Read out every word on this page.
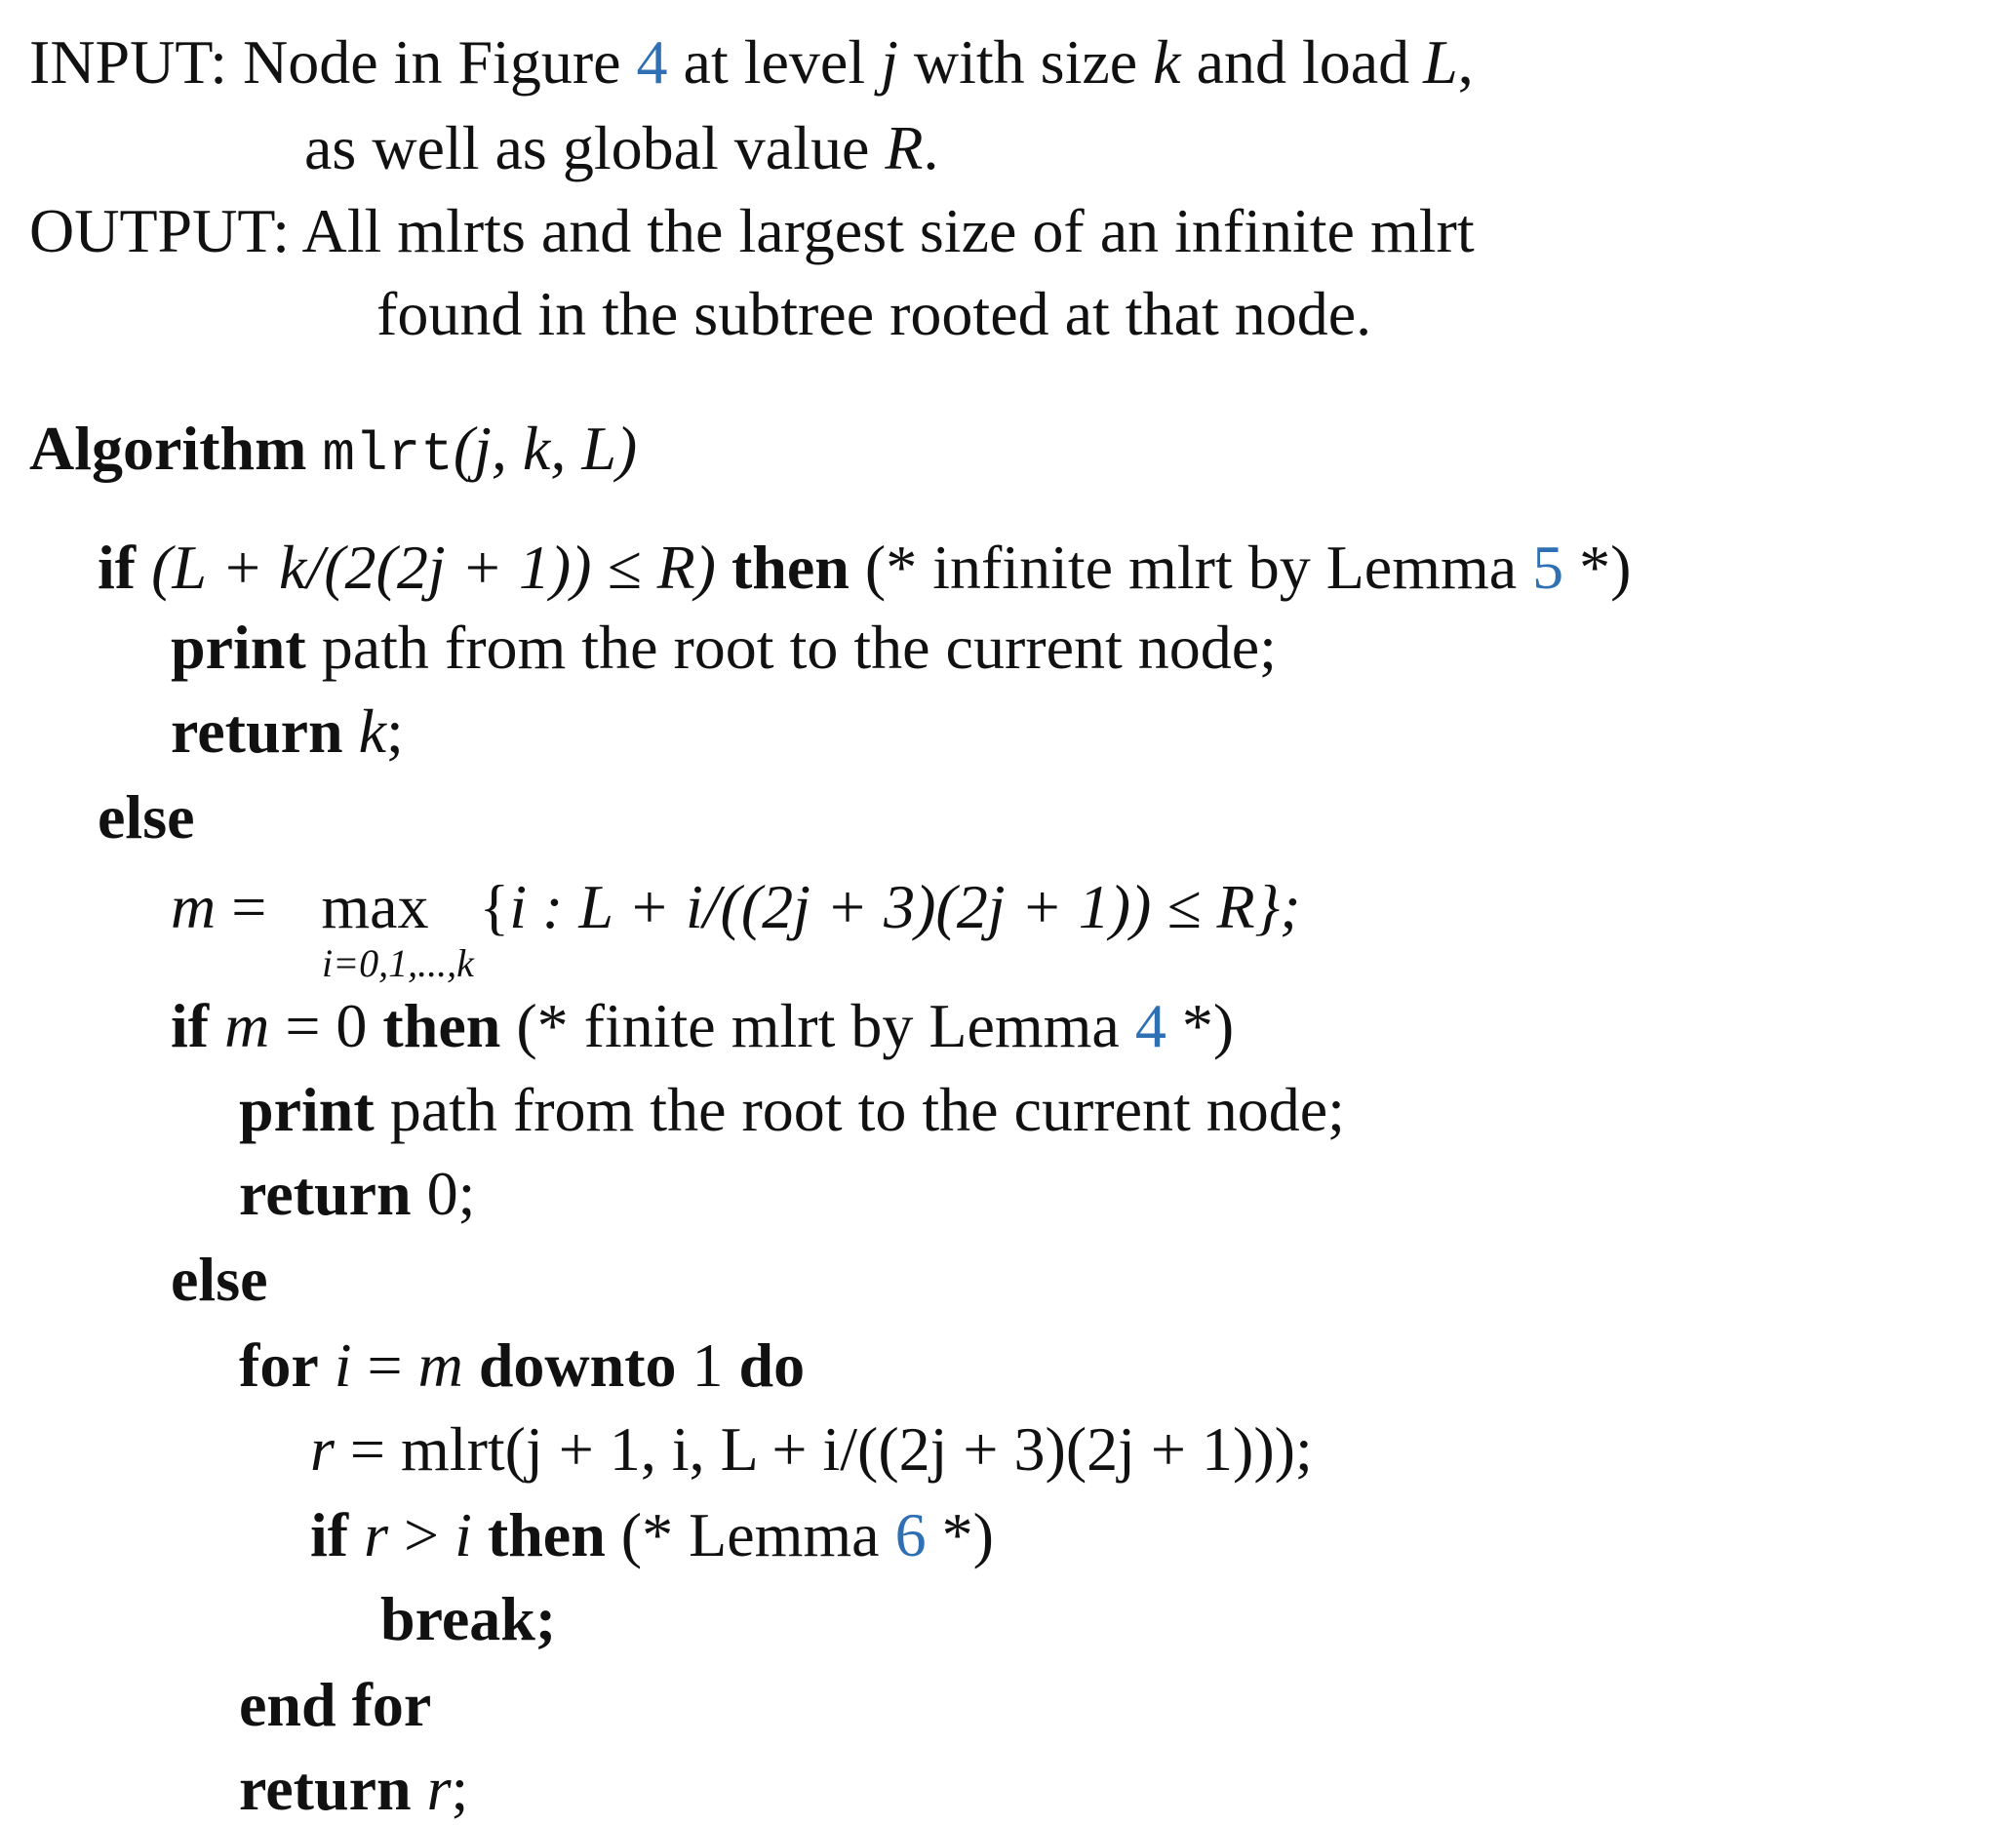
INPUT: Node in Figure 4 at level j with size k and load L,
as well as global value R.
OUTPUT: All mlrts and the largest size of an infinite mlrt
found in the subtree rooted at that node.
Algorithm mlrt(j, k, L)
if (L + k/(2(2j + 1)) ≤ R) then (* infinite mlrt by Lemma 5 *)
print path from the root to the current node;
return k;
else
m = max {i : L + i/((2j + 3)(2j + 1)) ≤ R};
i=0,1,...,k
if m = 0 then (* finite mlrt by Lemma 4 *)
print path from the root to the current node;
return 0;
else
for i = m downto 1 do
r = mlrt(j + 1, i, L + i/((2j + 3)(2j + 1)));
if r > i then (* Lemma 6 *)
break;
end for
return r;
